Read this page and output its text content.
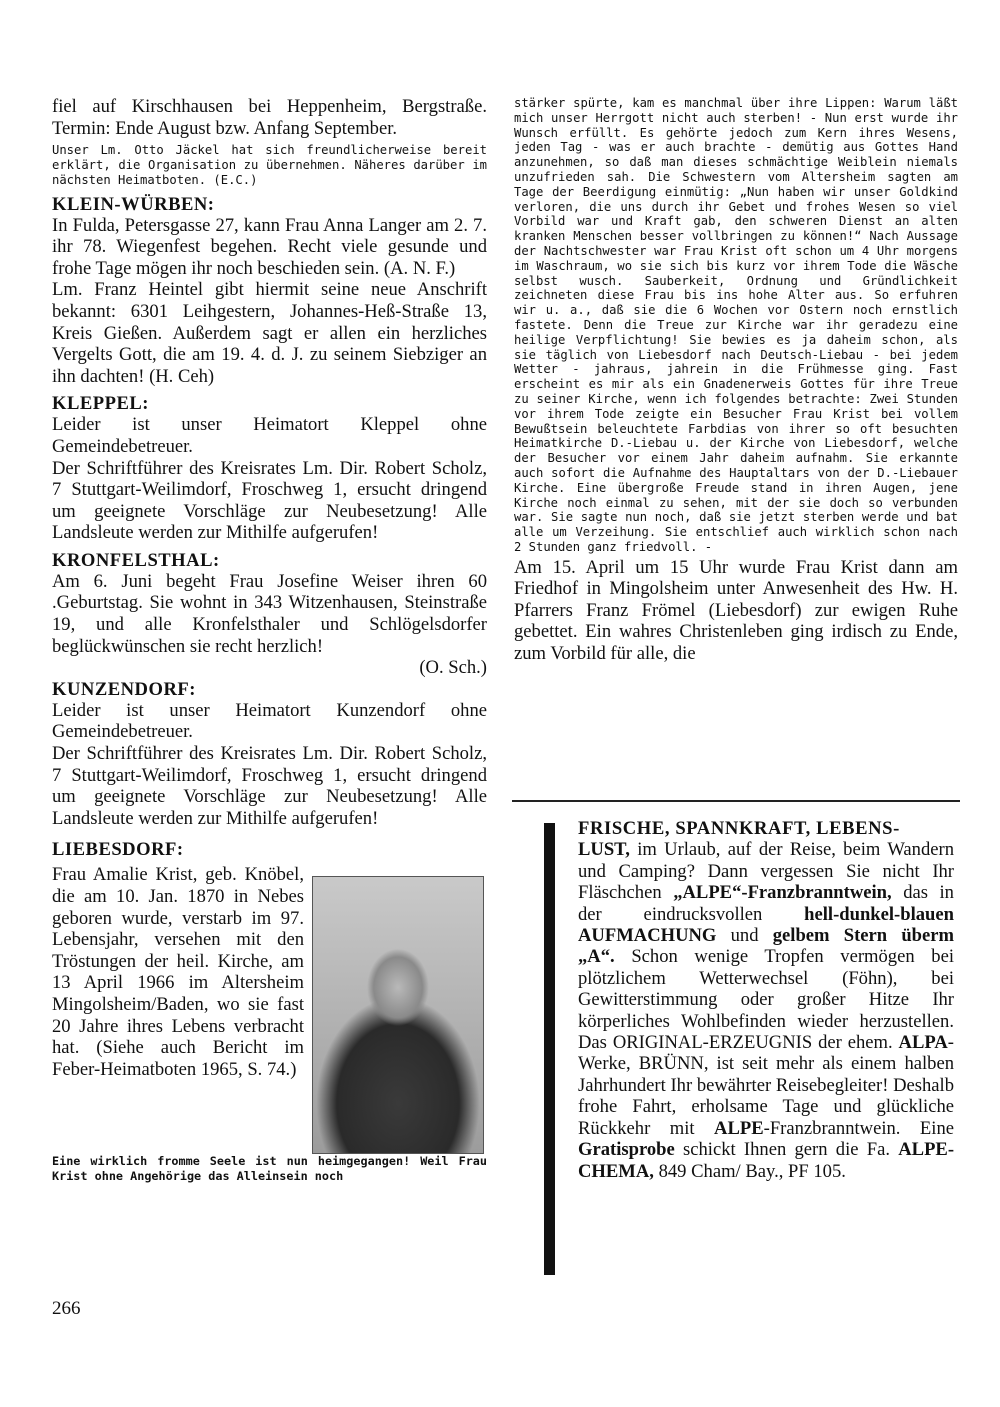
fiel auf Kirschhausen bei Heppenheim, Bergstraße. Termin: Ende August bzw. Anfang September.

Unser Lm. Otto Jäckel hat sich freundlicherweise bereit erklärt, die Organisation zu übernehmen. Näheres darüber im nächsten Heimatboten. (E.C.)

KLEIN-WÜRBEN:

In Fulda, Petersgasse 27, kann Frau Anna Langer am 2. 7. ihr 78. Wiegenfest begehen. Recht viele gesunde und frohe Tage mögen ihr noch beschieden sein. (A. N. F.)

Lm. Franz Heintel gibt hiermit seine neue Anschrift bekannt: 6301 Leihgestern, Johannes-Heß-Straße 13, Kreis Gießen. Außerdem sagt er allen ein herzliches Vergelts Gott, die am 19. 4. d. J. zu seinem Siebziger an ihn dachten! (H. Ceh)

KLEPPEL:

Leider ist unser Heimatort Kleppel ohne Gemeindebetreuer.

Der Schriftführer des Kreisrates Lm. Dir. Robert Scholz, 7 Stuttgart-Weilimdorf, Froschweg 1, ersucht dringend um geeignete Vorschläge zur Neubesetzung! Alle Landsleute werden zur Mithilfe aufgerufen!

KRONFELSTHAL:

Am 6. Juni begeht Frau Josefine Weiser ihren 60 .Geburtstag. Sie wohnt in 343 Witzenhausen, Steinstraße 19, und alle Kronfelsthaler und Schlögelsdorfer beglückwünschen sie recht herzlich!

(O. Sch.)

KUNZENDORF:

Leider ist unser Heimatort Kunzendorf ohne Gemeindebetreuer.

Der Schriftführer des Kreisrates Lm. Dir. Robert Scholz, 7 Stuttgart-Weilimdorf, Froschweg 1, ersucht dringend um geeignete Vorschläge zur Neubesetzung! Alle Landsleute werden zur Mithilfe aufgerufen!

LIEBESDORF:
Frau Amalie Krist, geb. Knöbel, die am 10. Jan. 1870 in Nebes geboren wurde, verstarb im 97. Lebensjahr, versehen mit den Tröstungen der heil. Kirche, am 13 April 1966 im Altersheim Mingolsheim/Baden, wo sie fast 20 Jahre ihres Lebens verbracht hat. (Siehe auch Bericht im Feber-Heimatboten 1965, S. 74.)

Eine wirklich fromme Seele ist nun heimgegangen! Weil Frau Krist ohne Angehörige das Alleinsein noch

stärker spürte, kam es manchmal über ihre Lippen: Warum läßt mich unser Herrgott nicht auch sterben! - Nun erst wurde ihr Wunsch erfüllt. Es gehörte jedoch zum Kern ihres Wesens, jeden Tag - was er auch brachte - demütig aus Gottes Hand anzunehmen, so daß man dieses schmächtige Weiblein niemals unzufrieden sah. Die Schwestern vom Altersheim sagten am Tage der Beerdigung einmütig: „Nun haben wir unser Goldkind verloren, die uns durch ihr Gebet und frohes Wesen so viel Vorbild war und Kraft gab, den schweren Dienst an alten kranken Menschen besser vollbringen zu können!“ Nach Aussage der Nachtschwester war Frau Krist oft schon um 4 Uhr morgens im Waschraum, wo sie sich bis kurz vor ihrem Tode die Wäsche selbst wusch. Sauberkeit, Ordnung und Gründlichkeit zeichneten diese Frau bis ins hohe Alter aus. So erfuhren wir u. a., daß sie die 6 Wochen vor Ostern noch ernstlich fastete. Denn die Treue zur Kirche war ihr geradezu eine heilige Verpflichtung! Sie bewies es ja daheim schon, als sie täglich von Liebesdorf nach Deutsch-Liebau - bei jedem Wetter - jahraus, jahrein in die Frühmesse ging. Fast erscheint es mir als ein Gnadenerweis Gottes für ihre Treue zu seiner Kirche, wenn ich folgendes betrachte: Zwei Stunden vor ihrem Tode zeigte ein Besucher Frau Krist bei vollem Bewußtsein beleuchtete Farbdias von ihrer so oft besuchten Heimatkirche D.-Liebau u. der Kirche von Liebesdorf, welche der Besucher vor einem Jahr daheim aufnahm. Sie erkannte auch sofort die Aufnahme des Hauptaltars von der D.-Liebauer Kirche. Eine übergroße Freude stand in ihren Augen, jene Kirche noch einmal zu sehen, mit der sie doch so verbunden war. Sie sagte nun noch, daß sie jetzt sterben werde und bat alle um Verzeihung. Sie entschlief auch wirklich schon nach 2 Stunden ganz friedvoll. -

Am 15. April um 15 Uhr wurde Frau Krist dann am Friedhof in Mingolsheim unter Anwesenheit des Hw. H. Pfarrers Franz Frömel (Liebesdorf) zur ewigen Ruhe gebettet. Ein wahres Christenleben ging irdisch zu Ende, zum Vorbild für alle, die

FRISCHE, SPANNKRAFT, LEBENS-
LUST, im Urlaub, auf der Reise, beim Wandern und Camping? Dann vergessen Sie nicht Ihr Fläschchen „ALPE“-Franzbranntwein, das in der eindrucksvollen hell-dunkel-blauen AUFMACHUNG und gelbem Stern überm „A“. Schon wenige Tropfen vermögen bei plötzlichem Wetterwechsel (Föhn), bei Gewitterstimmung oder großer Hitze Ihr körperliches Wohlbefinden wieder herzustellen. Das ORIGINAL-ERZEUGNIS der ehem. ALPA-Werke, BRÜNN, ist seit mehr als einem halben Jahrhundert Ihr bewährter Reisebegleiter! Deshalb frohe Fahrt, erholsame Tage und glückliche Rückkehr mit ALPE-Franzbranntwein. Eine Gratisprobe schickt Ihnen gern die Fa. ALPE-CHEMA, 849 Cham/ Bay., PF 105.
266
